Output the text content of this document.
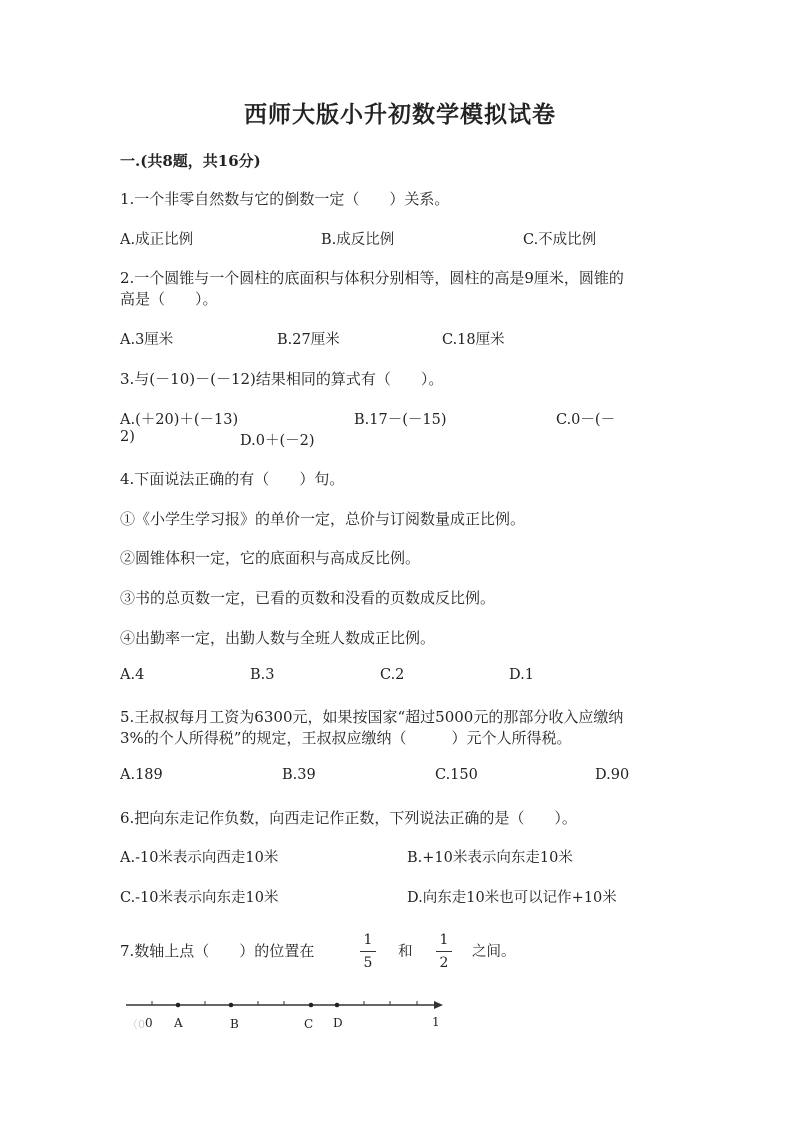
西师大版小升初数学模拟试卷
一.(共8题，共16分)
1.一个非零自然数与它的倒数一定（　　）关系。
A.成正比例	B.成反比例	C.不成比例
2.一个圆锥与一个圆柱的底面积与体积分别相等，圆柱的高是9厘米，圆锥的
高是（　　）。
A.3厘米	B.27厘米	C.18厘米
3.与(－10)－(－12)结果相同的算式有（　　）。
A.(＋20)＋(－13)	B.17－(－15)	C.0－(－
2)	D.0＋(－2)
4.下面说法正确的有（　　）句。
①《小学生学习报》的单价一定，总价与订阅数量成正比例。
②圆锥体积一定，它的底面积与高成反比例。
③书的总页数一定，已看的页数和没看的页数成反比例。
④出勤率一定，出勤人数与全班人数成正比例。
A.4	B.3	C.2	D.1
5.王叔叔每月工资为6300元，如果按国家“超过5000元的那部分收入应缴纳
3%的个人所得税”的规定，王叔叔应缴纳（　　　）元个人所得税。
A.189	B.39	C.150	D.90
6.把向东走记作负数，向西走记作正数，下列说法正确的是（　　）。
A.-10米表示向西走10米	B.+10米表示向东走10米
C.-10米表示向东走10米	D.向东走10米也可以记作+10米
7.数轴上点（　　）的位置在
1
5
和
1
2
之间。
（0 0 A	B	C D	1
